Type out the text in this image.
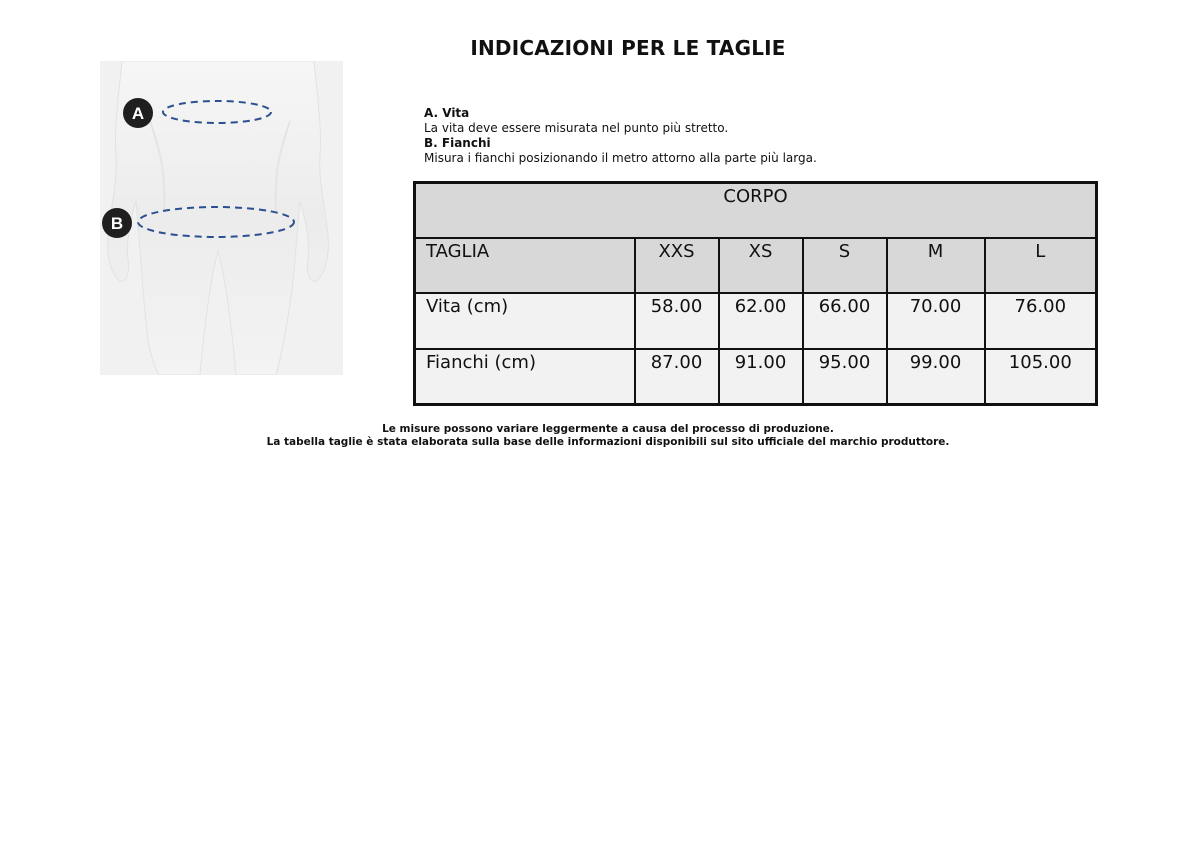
INDICAZIONI PER LE TAGLIE
A
B
A. Vita
La vita deve essere misurata nel punto più stretto.
B. Fianchi
Misura i fianchi posizionando il metro attorno alla parte più larga.
CORPO					

TAGLIA	XXS	XS	S	M	L

Vita (cm)	58.00	62.00	66.00	70.00	76.00

Fianchi (cm)	87.00	91.00	95.00	99.00	105.00
Le misure possono variare leggermente a causa del processo di produzione.
La tabella taglie è stata elaborata sulla base delle informazioni disponibili sul sito ufficiale del marchio produttore.
